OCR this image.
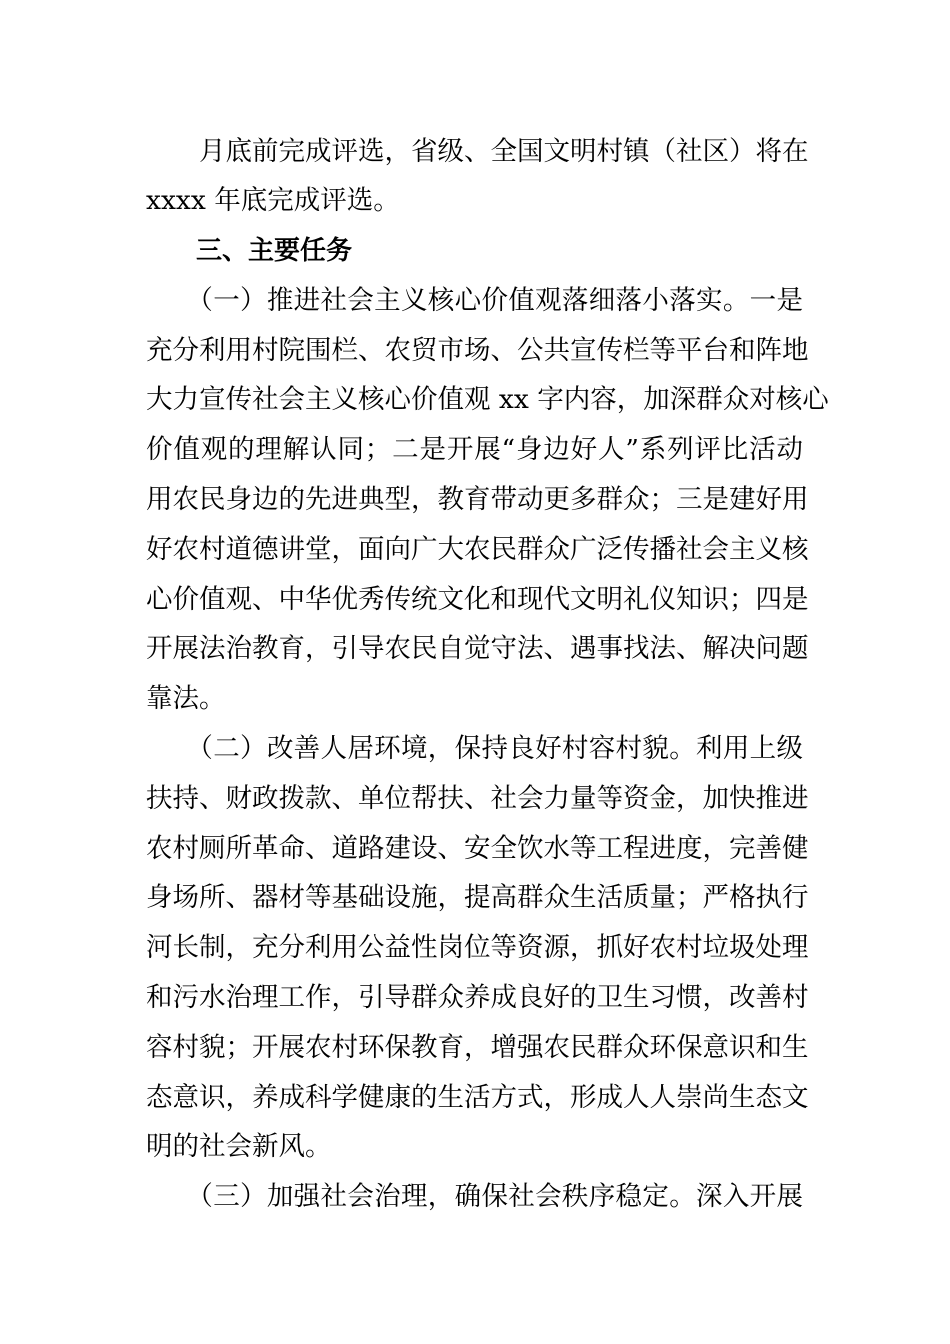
　　月底前完成评选，省级、全国文明村镇（社区）将在
xxxx 年底完成评选。
三、主要任务
　　（一）推进社会主义核心价值观落细落小落实。一是
充分利用村院围栏、农贸市场、公共宣传栏等平台和阵地
大力宣传社会主义核心价值观 xx 字内容，加深群众对核心
价值观的理解认同；二是开展“身边好人”系列评比活动
用农民身边的先进典型，教育带动更多群众；三是建好用
好农村道德讲堂，面向广大农民群众广泛传播社会主义核
心价值观、中华优秀传统文化和现代文明礼仪知识；四是
开展法治教育，引导农民自觉守法、遇事找法、解决问题
靠法。
　　（二）改善人居环境，保持良好村容村貌。利用上级
扶持、财政拨款、单位帮扶、社会力量等资金，加快推进
农村厕所革命、道路建设、安全饮水等工程进度，完善健
身场所、器材等基础设施，提高群众生活质量；严格执行
河长制，充分利用公益性岗位等资源，抓好农村垃圾处理
和污水治理工作，引导群众养成良好的卫生习惯，改善村
容村貌；开展农村环保教育，增强农民群众环保意识和生
态意识，养成科学健康的生活方式，形成人人崇尚生态文
明的社会新风。
　　（三）加强社会治理，确保社会秩序稳定。深入开展
